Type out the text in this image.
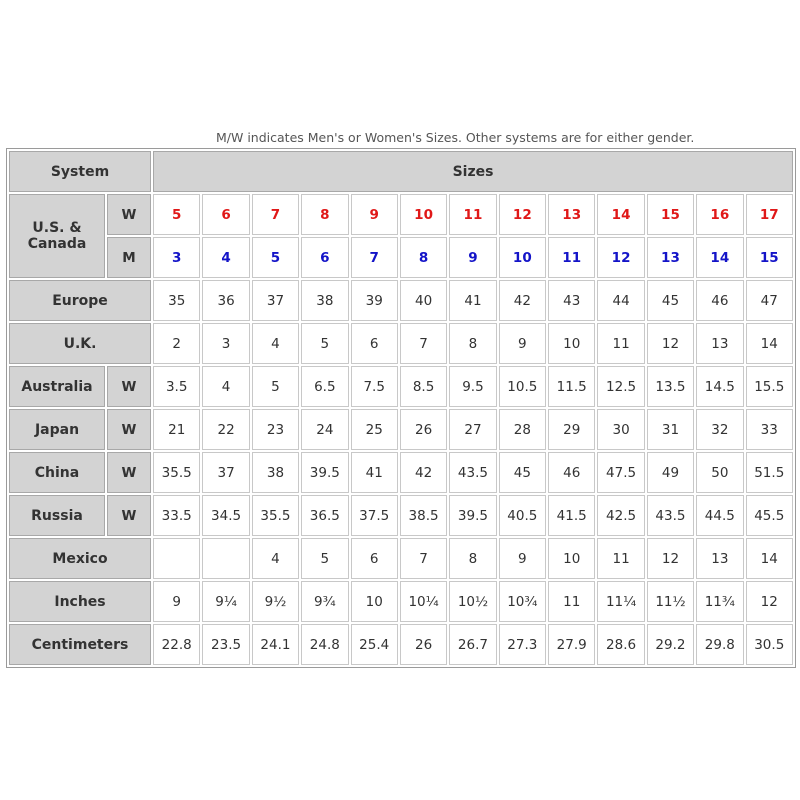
M/W indicates Men's or Women's Sizes. Other systems are for either gender.
System		Sizes												
U.S. & Canada	W	5	6	7	8	9	10	11	12	13	14	15	16	17
	M	3	4	5	6	7	8	9	10	11	12	13	14	15
Europe		35	36	37	38	39	40	41	42	43	44	45	46	47
U.K.		2	3	4	5	6	7	8	9	10	11	12	13	14
Australia	W	3.5	4	5	6.5	7.5	8.5	9.5	10.5	11.5	12.5	13.5	14.5	15.5
Japan	W	21	22	23	24	25	26	27	28	29	30	31	32	33
China	W	35.5	37	38	39.5	41	42	43.5	45	46	47.5	49	50	51.5
Russia	W	33.5	34.5	35.5	36.5	37.5	38.5	39.5	40.5	41.5	42.5	43.5	44.5	45.5
Mexico				4	5	6	7	8	9	10	11	12	13	14
Inches		9	9¼	9½	9¾	10	10¼	10½	10¾	11	11¼	11½	11¾	12
Centimeters		22.8	23.5	24.1	24.8	25.4	26	26.7	27.3	27.9	28.6	29.2	29.8	30.5
